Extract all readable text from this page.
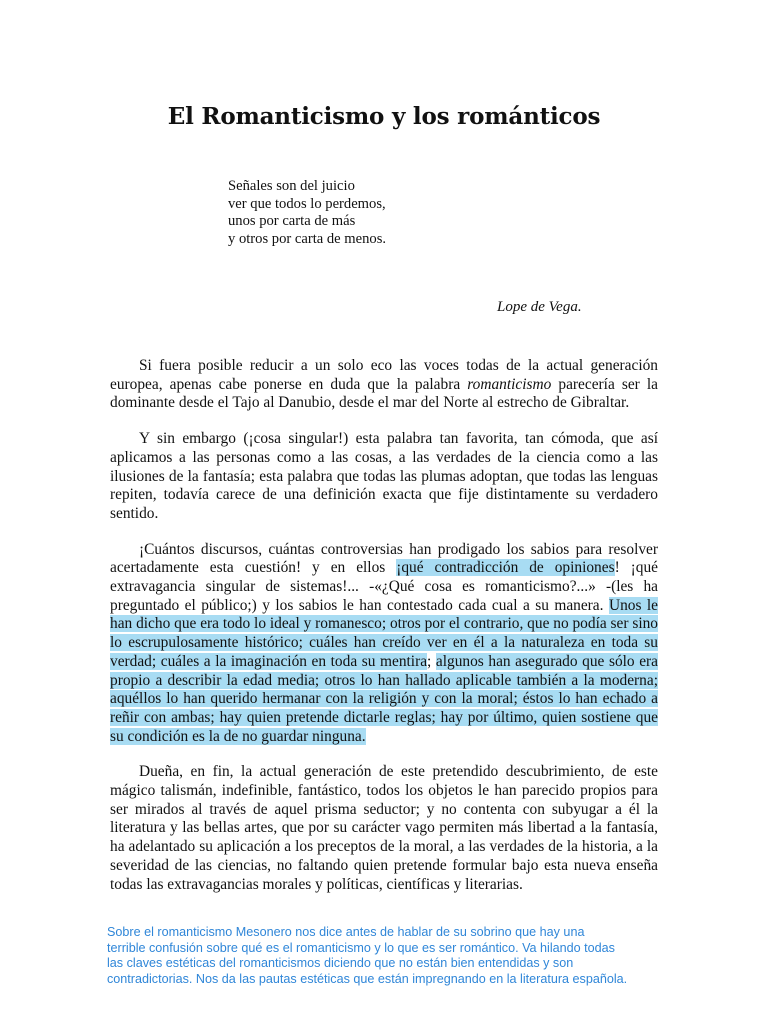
El Romanticismo y los románticos
Señales son del juicio
ver que todos lo perdemos,
unos por carta de más
y otros por carta de menos.
Lope de Vega.

Si fuera posible reducir a un solo eco las voces todas de la actual generación europea, apenas cabe ponerse en duda que la palabra romanticismo parecería ser la dominante desde el Tajo al Danubio, desde el mar del Norte al estrecho de Gibraltar.

Y sin embargo (¡cosa singular!) esta palabra tan favorita, tan cómoda, que así aplicamos a las personas como a las cosas, a las verdades de la ciencia como a las ilusiones de la fantasía; esta palabra que todas las plumas adoptan, que todas las lenguas repiten, todavía carece de una definición exacta que fije distintamente su verdadero sentido.

¡Cuántos discursos, cuántas controversias han prodigado los sabios para resolver acertadamente esta cuestión! y en ellos ¡qué contradicción de opiniones! ¡qué extravagancia singular de sistemas!... -«¿Qué cosa es romanticismo?...» -(les ha preguntado el público;) y los sabios le han contestado cada cual a su manera. Unos le han dicho que era todo lo ideal y romanesco; otros por el contrario, que no podía ser sino lo escrupulosamente histórico; cuáles han creído ver en él a la naturaleza en toda su verdad; cuáles a la imaginación en toda su mentira; algunos han asegurado que sólo era propio a describir la edad media; otros lo han hallado aplicable también a la moderna; aquéllos lo han querido hermanar con la religión y con la moral; éstos lo han echado a reñir con ambas; hay quien pretende dictarle reglas; hay por último, quien sostiene que su condición es la de no guardar ninguna.

Dueña, en fin, la actual generación de este pretendido descubrimiento, de este mágico talismán, indefinible, fantástico, todos los objetos le han parecido propios para ser mirados al través de aquel prisma seductor; y no contenta con subyugar a él la literatura y las bellas artes, que por su carácter vago permiten más libertad a la fantasía, ha adelantado su aplicación a los preceptos de la moral, a las verdades de la historia, a la severidad de las ciencias, no faltando quien pretende formular bajo esta nueva enseña todas las extravagancias morales y políticas, científicas y literarias.

Sobre el romanticismo Mesonero nos dice antes de hablar de su sobrino que hay una
terrible confusión sobre qué es el romanticismo y lo que es ser romántico. Va hilando todas
las claves estéticas del romanticismos diciendo que no están bien entendidas y son
contradictorias. Nos da las pautas estéticas que están impregnando en la literatura española.
